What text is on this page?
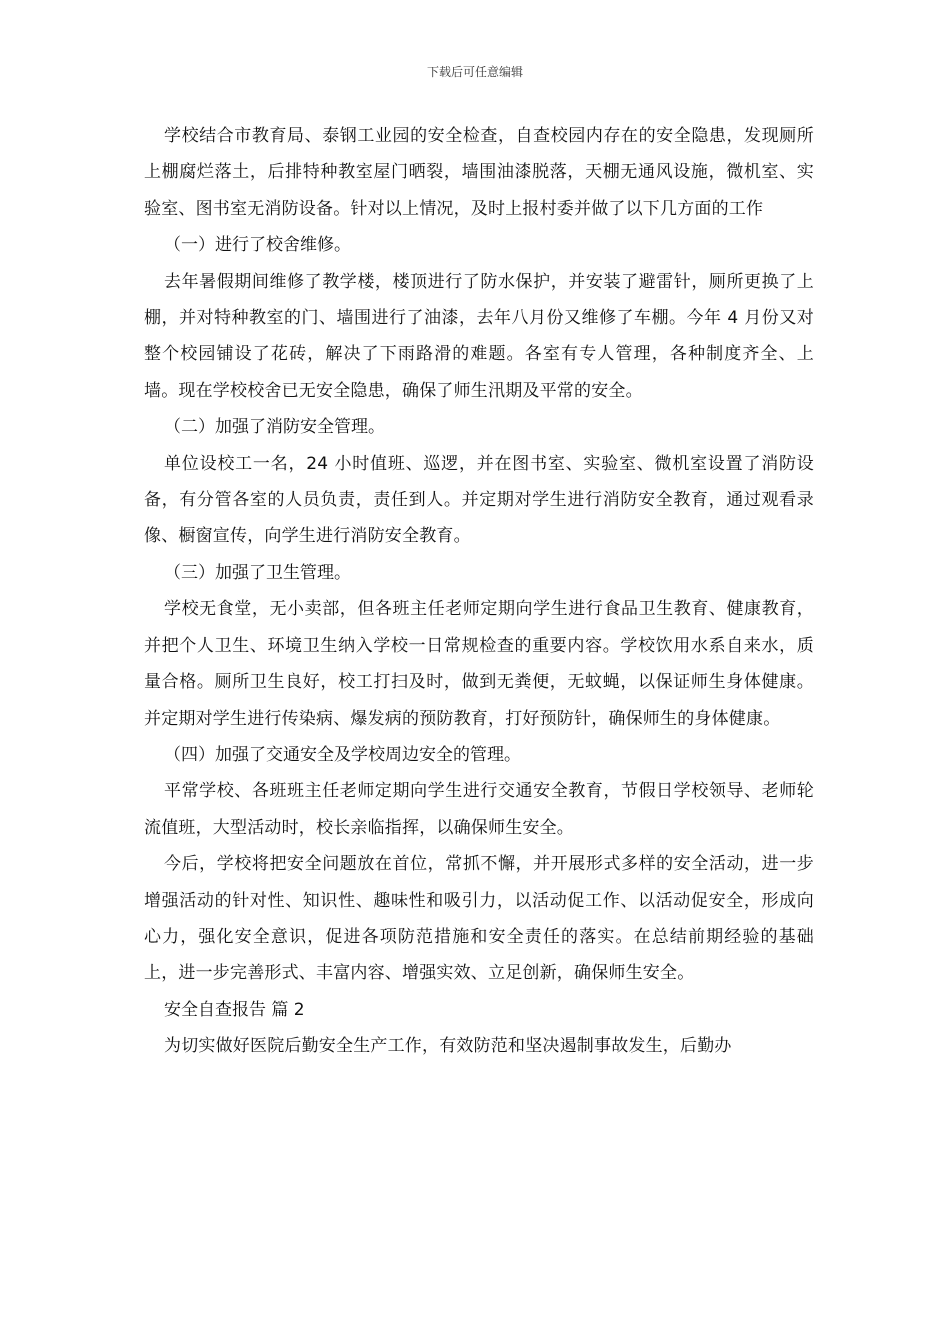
下载后可任意编辑

学校结合市教育局、泰钢工业园的安全检查，自查校园内存在的安全隐患，发现厕所上棚腐烂落土，后排特种教室屋门晒裂，墙围油漆脱落，天棚无通风设施，微机室、实验室、图书室无消防设备。针对以上情况，及时上报村委并做了以下几方面的工作

（一）进行了校舍维修。

去年暑假期间维修了教学楼，楼顶进行了防水保护，并安装了避雷针，厕所更换了上棚，并对特种教室的门、墙围进行了油漆，去年八月份又维修了车棚。今年 4 月份又对整个校园铺设了花砖，解决了下雨路滑的难题。各室有专人管理，各种制度齐全、上墙。现在学校校舍已无安全隐患，确保了师生汛期及平常的安全。

（二）加强了消防安全管理。

单位设校工一名，24 小时值班、巡逻，并在图书室、实验室、微机室设置了消防设备，有分管各室的人员负责，责任到人。并定期对学生进行消防安全教育，通过观看录像、橱窗宣传，向学生进行消防安全教育。

（三）加强了卫生管理。

学校无食堂，无小卖部，但各班主任老师定期向学生进行食品卫生教育、健康教育，并把个人卫生、环境卫生纳入学校一日常规检查的重要内容。学校饮用水系自来水，质量合格。厕所卫生良好，校工打扫及时，做到无粪便，无蚊蝇，以保证师生身体健康。并定期对学生进行传染病、爆发病的预防教育，打好预防针，确保师生的身体健康。

（四）加强了交通安全及学校周边安全的管理。

平常学校、各班班主任老师定期向学生进行交通安全教育，节假日学校领导、老师轮流值班，大型活动时，校长亲临指挥，以确保师生安全。

今后，学校将把安全问题放在首位，常抓不懈，并开展形式多样的安全活动，进一步增强活动的针对性、知识性、趣味性和吸引力，以活动促工作、以活动促安全，形成向心力，强化安全意识，促进各项防范措施和安全责任的落实。在总结前期经验的基础上，进一步完善形式、丰富内容、增强实效、立足创新，确保师生安全。

安全自查报告 篇 2

为切实做好医院后勤安全生产工作，有效防范和坚决遏制事故发生，后勤办
